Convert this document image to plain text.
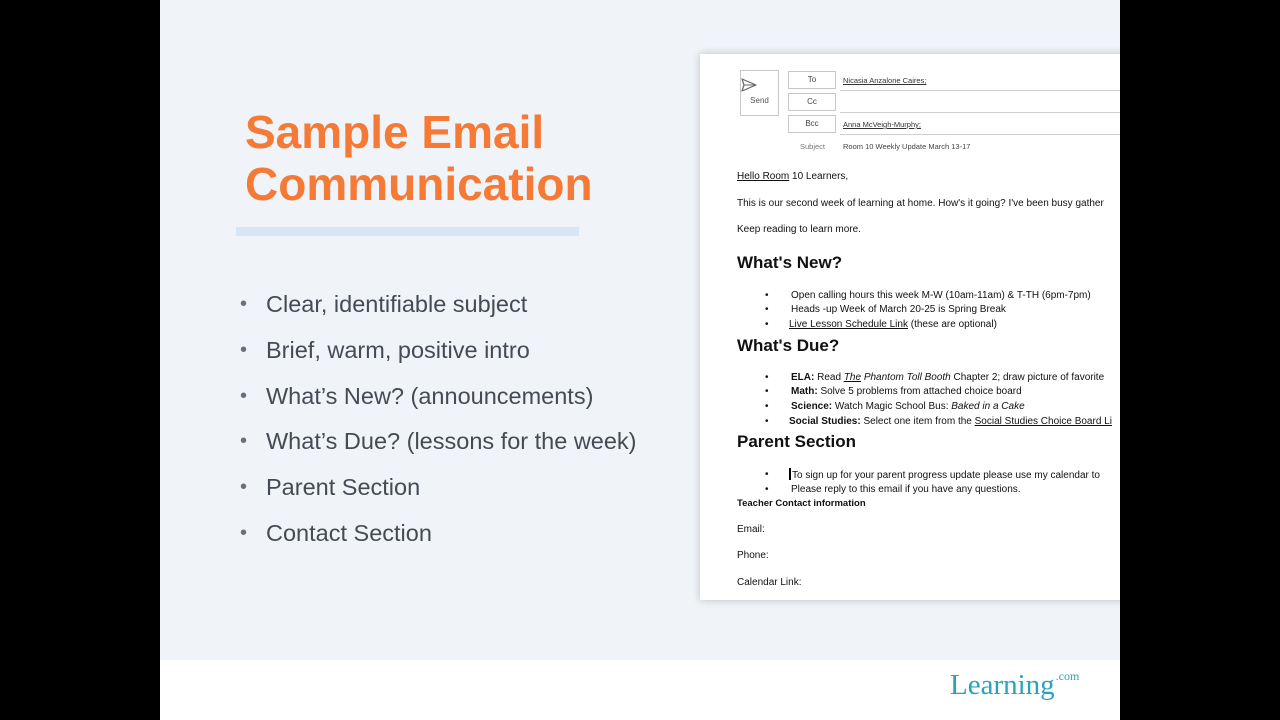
Sample Email
Communication
• Clear, identifiable subject
• Brief, warm, positive intro
• What’s New? (announcements)
• What’s Due? (lessons for the week)
• Parent Section
• Contact Section
Send
To	Nicasia Anzalone Caires;
Cc
Bcc	Anna McVeigh-Murphy;
Subject Room 10 Weekly Update March 13-17
Hello Room 10 Learners,
This is our second week of learning at home. How's it going? I've been busy gather
Keep reading to learn more.
What's New?
• Open calling hours this week M-W (10am-11am) & T-TH (6pm-7pm)
• Heads -up Week of March 20-25 is Spring Break
• Live Lesson Schedule Link (these are optional)
What's Due?
• ELA: Read The Phantom Toll Booth Chapter 2; draw picture of favorite
• Math: Solve 5 problems from attached choice board
• Science: Watch Magic School Bus: Baked in a Cake
• Social Studies: Select one item from the Social Studies Choice Board Li
Parent Section
•	To sign up for your parent progress update please use my calendar to
• Please reply to this email if you have any questions.
Teacher Contact information
Email:
Phone:
Calendar Link:
Learning$^{.com}$
